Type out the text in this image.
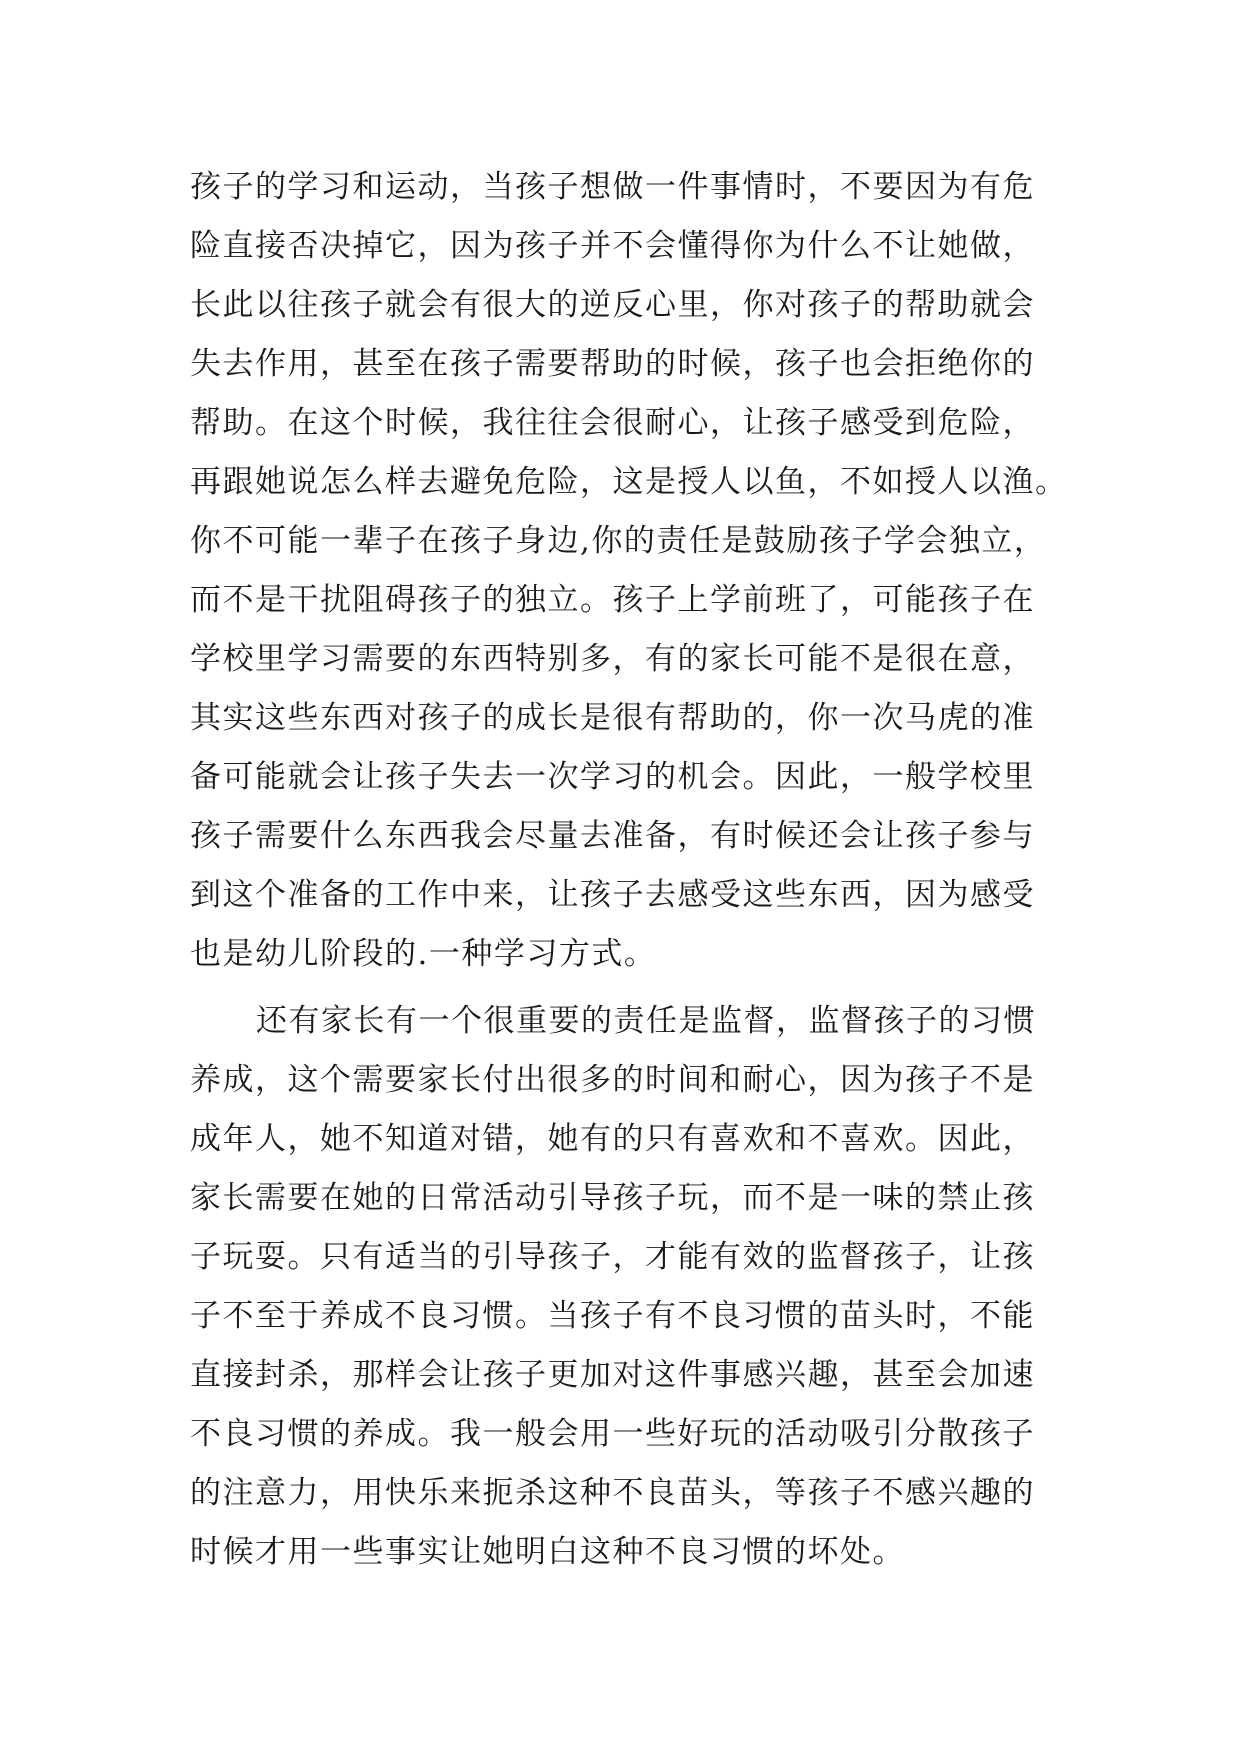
孩子的学习和运动，当孩子想做一件事情时，不要因为有危
险直接否决掉它，因为孩子并不会懂得你为什么不让她做，
长此以往孩子就会有很大的逆反心里，你对孩子的帮助就会
失去作用，甚至在孩子需要帮助的时候，孩子也会拒绝你的
帮助。在这个时候，我往往会很耐心，让孩子感受到危险，
再跟她说怎么样去避免危险，这是授人以鱼，不如授人以渔。
你不可能一辈子在孩子身边,你的责任是鼓励孩子学会独立，
而不是干扰阻碍孩子的独立。孩子上学前班了，可能孩子在
学校里学习需要的东西特别多，有的家长可能不是很在意，
其实这些东西对孩子的成长是很有帮助的，你一次马虎的准
备可能就会让孩子失去一次学习的机会。因此，一般学校里
孩子需要什么东西我会尽量去准备，有时候还会让孩子参与
到这个准备的工作中来，让孩子去感受这些东西，因为感受
也是幼儿阶段的.一种学习方式。
还有家长有一个很重要的责任是监督，监督孩子的习惯
养成，这个需要家长付出很多的时间和耐心，因为孩子不是
成年人，她不知道对错，她有的只有喜欢和不喜欢。因此，
家长需要在她的日常活动引导孩子玩，而不是一味的禁止孩
子玩耍。只有适当的引导孩子，才能有效的监督孩子，让孩
子不至于养成不良习惯。当孩子有不良习惯的苗头时，不能
直接封杀，那样会让孩子更加对这件事感兴趣，甚至会加速
不良习惯的养成。我一般会用一些好玩的活动吸引分散孩子
的注意力，用快乐来扼杀这种不良苗头，等孩子不感兴趣的
时候才用一些事实让她明白这种不良习惯的坏处。
